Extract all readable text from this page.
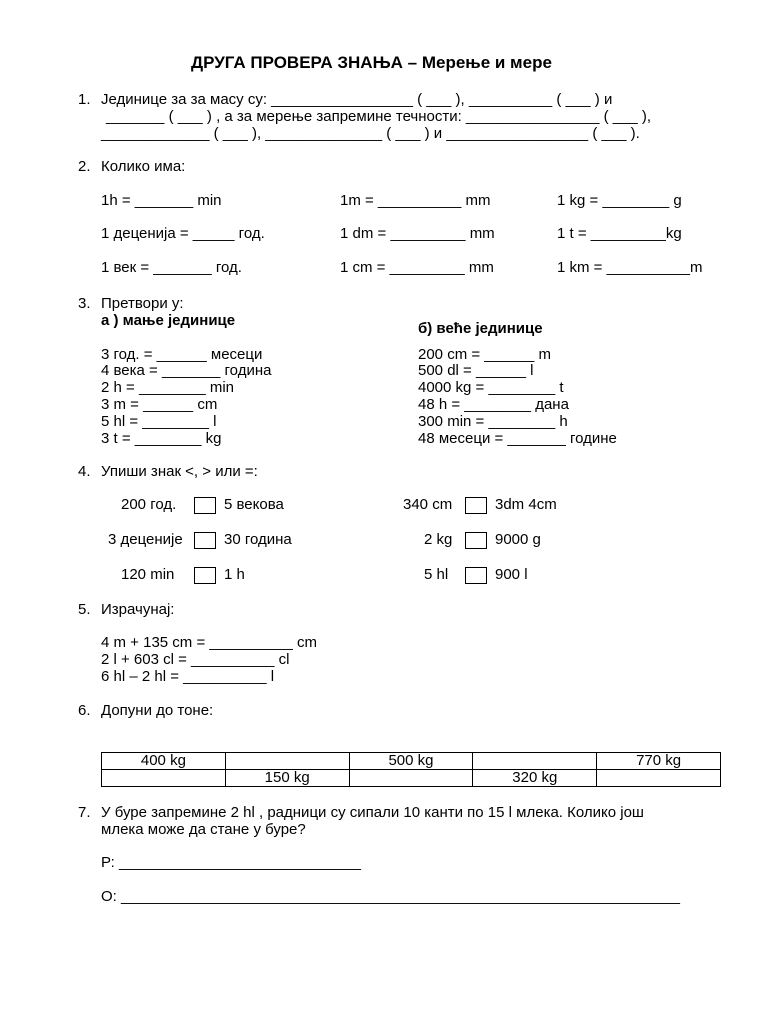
ДРУГА ПРОВЕРА ЗНАЊА – Мерење и мере
1. Јединице за за масу су: _________________ ( ___ ), __________ ( ___ ) и
_______ ( ___ ) , а за мерење запремине течности: ________________ ( ___ ),
_____________ ( ___ ), ______________ ( ___ ) и _________________ ( ___ ).
2. Колико има:
1h = _______ min	1m = __________ mm	1 kg = ________ g
1 деценија = _____ год.	1 dm = _________ mm	1 t = _________kg
1 век = _______ год.	1 cm = _________ mm	1 km = __________m
3. Претвори у:
а ) мање јединице	б) веће јединице
3 год. = ______ месеци
4 века = _______ година
2 h = ________ min
3 m = ______ cm
5 hl = ________ l
3 t = ________ kg
200 cm = ______ m
500 dl = ______ l
4000 kg = ________ t
48 h = ________ дана
300 min = ________ h
48 месеци = _______ године
4. Упиши знак <, > или =:
200 год.	5 векова	340 cm	3dm 4cm
3 деценије	30 година	2 kg	9000 g
120 min	1 h	5 hl	900 l
5. Израчунај:
4 m + 135 cm = __________ cm
2 l + 603 cl = __________ cl
6 hl – 2 hl = __________ l
6. Допуни до тоне:
400 kg		500 kg		770 kg
	150 kg		320 kg	
7. У буре запремине 2 hl , радници су сипали 10 канти по 15 l млека. Колико још
млека може да стане у буре?
Р: _____________________________
О: ___________________________________________________________________
